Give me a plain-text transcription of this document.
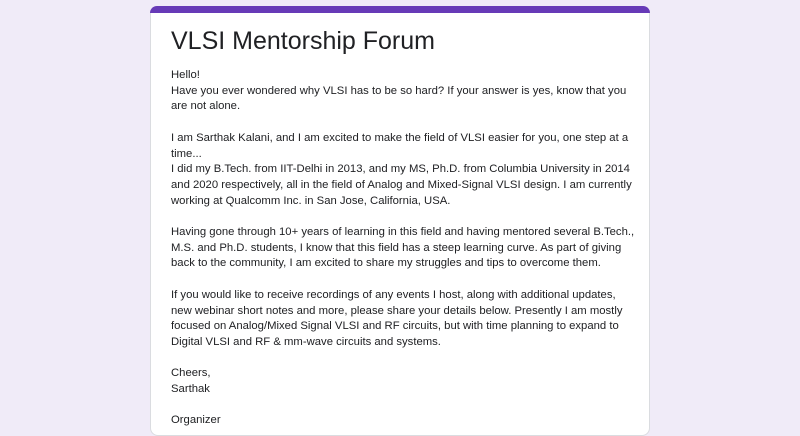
VLSI Mentorship Forum

Hello!
Have you ever wondered why VLSI has to be so hard? If your answer is yes, know that you
are not alone.

I am Sarthak Kalani, and I am excited to make the field of VLSI easier for you, one step at a
time...
I did my B.Tech. from IIT-Delhi in 2013, and my MS, Ph.D. from Columbia University in 2014
and 2020 respectively, all in the field of Analog and Mixed-Signal VLSI design. I am currently
working at Qualcomm Inc. in San Jose, California, USA.

Having gone through 10+ years of learning in this field and having mentored several B.Tech.,
M.S. and Ph.D. students, I know that this field has a steep learning curve. As part of giving
back to the community, I am excited to share my struggles and tips to overcome them.

If you would like to receive recordings of any events I host, along with additional updates,
new webinar short notes and more, please share your details below. Presently I am mostly
focused on Analog/Mixed Signal VLSI and RF circuits, but with time planning to expand to
Digital VLSI and RF & mm-wave circuits and systems.

Cheers,
Sarthak

Organizer
